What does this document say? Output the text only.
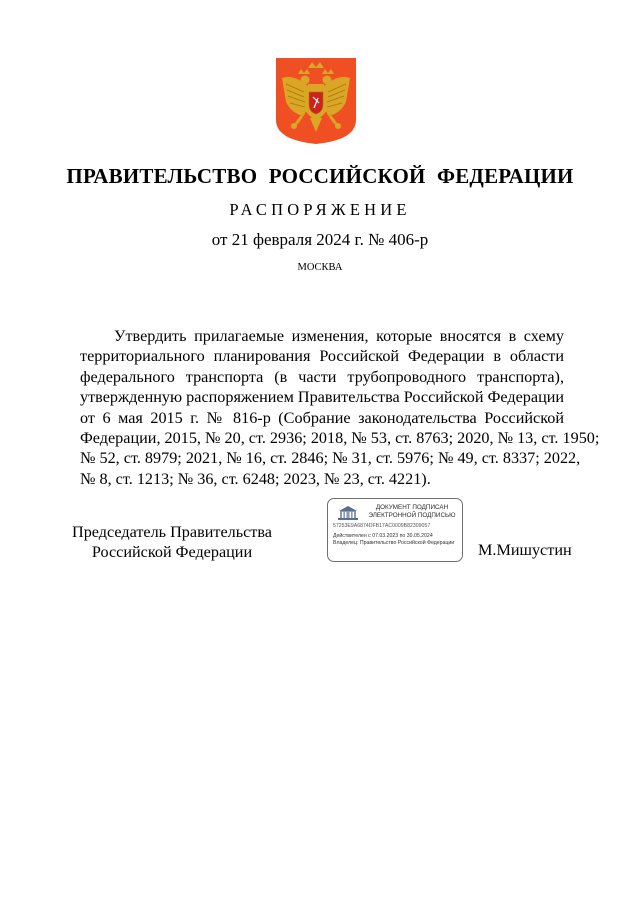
ПРАВИТЕЛЬСТВО РОССИЙСКОЙ ФЕДЕРАЦИИ
РАСПОРЯЖЕНИЕ
от 21 февраля 2024 г. № 406-р
МОСКВА
Утвердить прилагаемые изменения, которые вносятся в схему
территориального планирования Российской Федерации в области
федерального транспорта (в части трубопроводного транспорта),
утвержденную распоряжением Правительства Российской Федерации
от 6 мая 2015 г. № 816-р (Собрание законодательства Российской
Федерации, 2015, № 20, ст. 2936; 2018, № 53, ст. 8763; 2020, № 13, ст. 1950;
№ 52, ст. 8979; 2021, № 16, ст. 2846; № 31, ст. 5976; № 49, ст. 8337; 2022,
№ 8, ст. 1213; № 36, ст. 6248; 2023, № 23, ст. 4221).
Председатель Правительства
Российской Федерации
ДОКУМЕНТ ПОДПИСАН
ЭЛЕКТРОННОЙ ПОДПИСЬЮ
57253E9A6874DFB17AC0009B82309057
Действителен с 07.03.2023 по 30.05.2024
Владелец: Правительство Российской Федерации М.Мишустин
